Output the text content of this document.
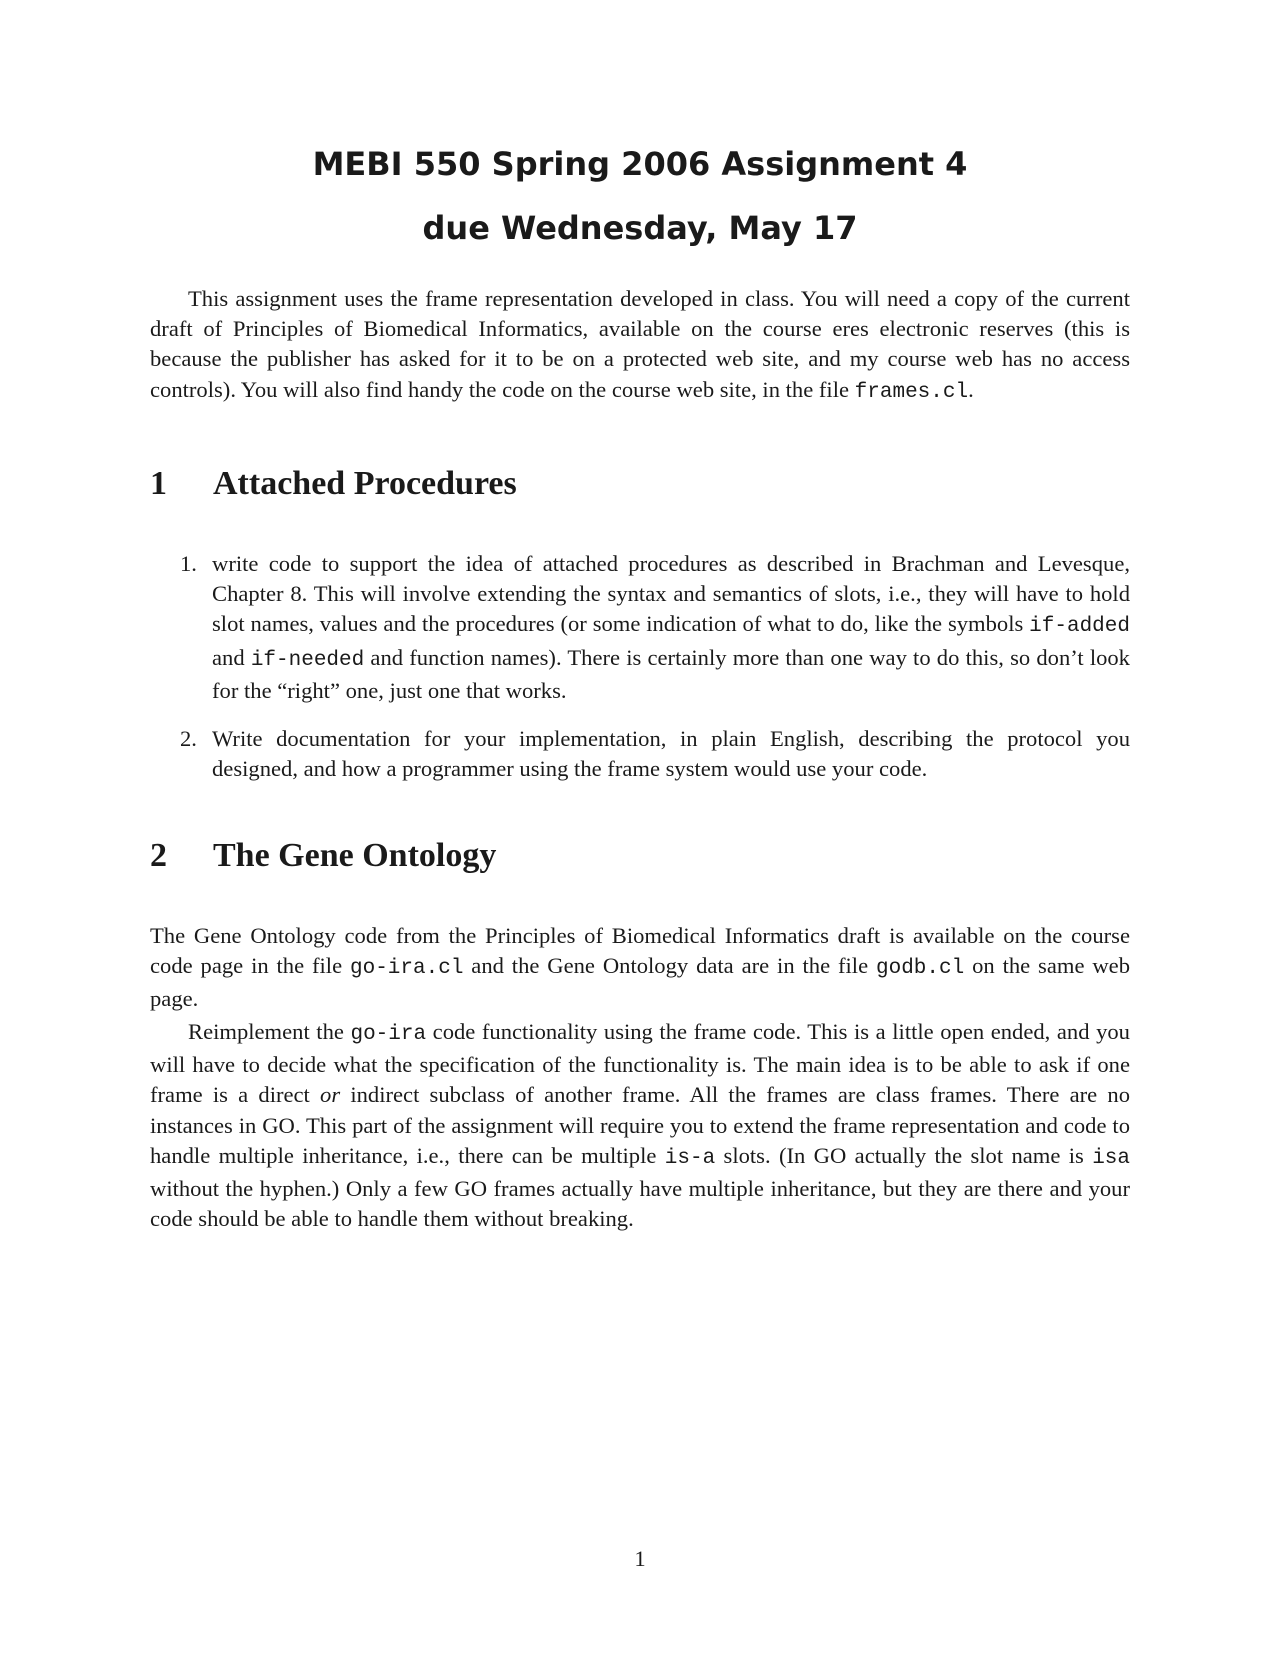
MEBI 550 Spring 2006 Assignment 4
due Wednesday, May 17

This assignment uses the frame representation developed in class. You will need a copy of the current draft of Principles of Biomedical Informatics, available on the course eres electronic reserves (this is because the publisher has asked for it to be on a protected web site, and my course web has no access controls). You will also find handy the code on the course web site, in the file frames.cl.

1 Attached Procedures
1. write code to support the idea of attached procedures as described in Brachman and Levesque, Chapter 8. This will involve extending the syntax and semantics of slots, i.e., they will have to hold slot names, values and the procedures (or some indication of what to do, like the symbols if-added and if-needed and function names). There is certainly more than one way to do this, so don’t look for the “right” one, just one that works.
2. Write documentation for your implementation, in plain English, describing the protocol you designed, and how a programmer using the frame system would use your code.
2 The Gene Ontology

The Gene Ontology code from the Principles of Biomedical Informatics draft is available on the course code page in the file go-ira.cl and the Gene Ontology data are in the file godb.cl on the same web page.

Reimplement the go-ira code functionality using the frame code. This is a little open ended, and you will have to decide what the specification of the functionality is. The main idea is to be able to ask if one frame is a direct or indirect subclass of another frame. All the frames are class frames. There are no instances in GO. This part of the assignment will require you to extend the frame representation and code to handle multiple inheritance, i.e., there can be multiple is-a slots. (In GO actually the slot name is isa without the hyphen.) Only a few GO frames actually have multiple inheritance, but they are there and your code should be able to handle them without breaking.

1
